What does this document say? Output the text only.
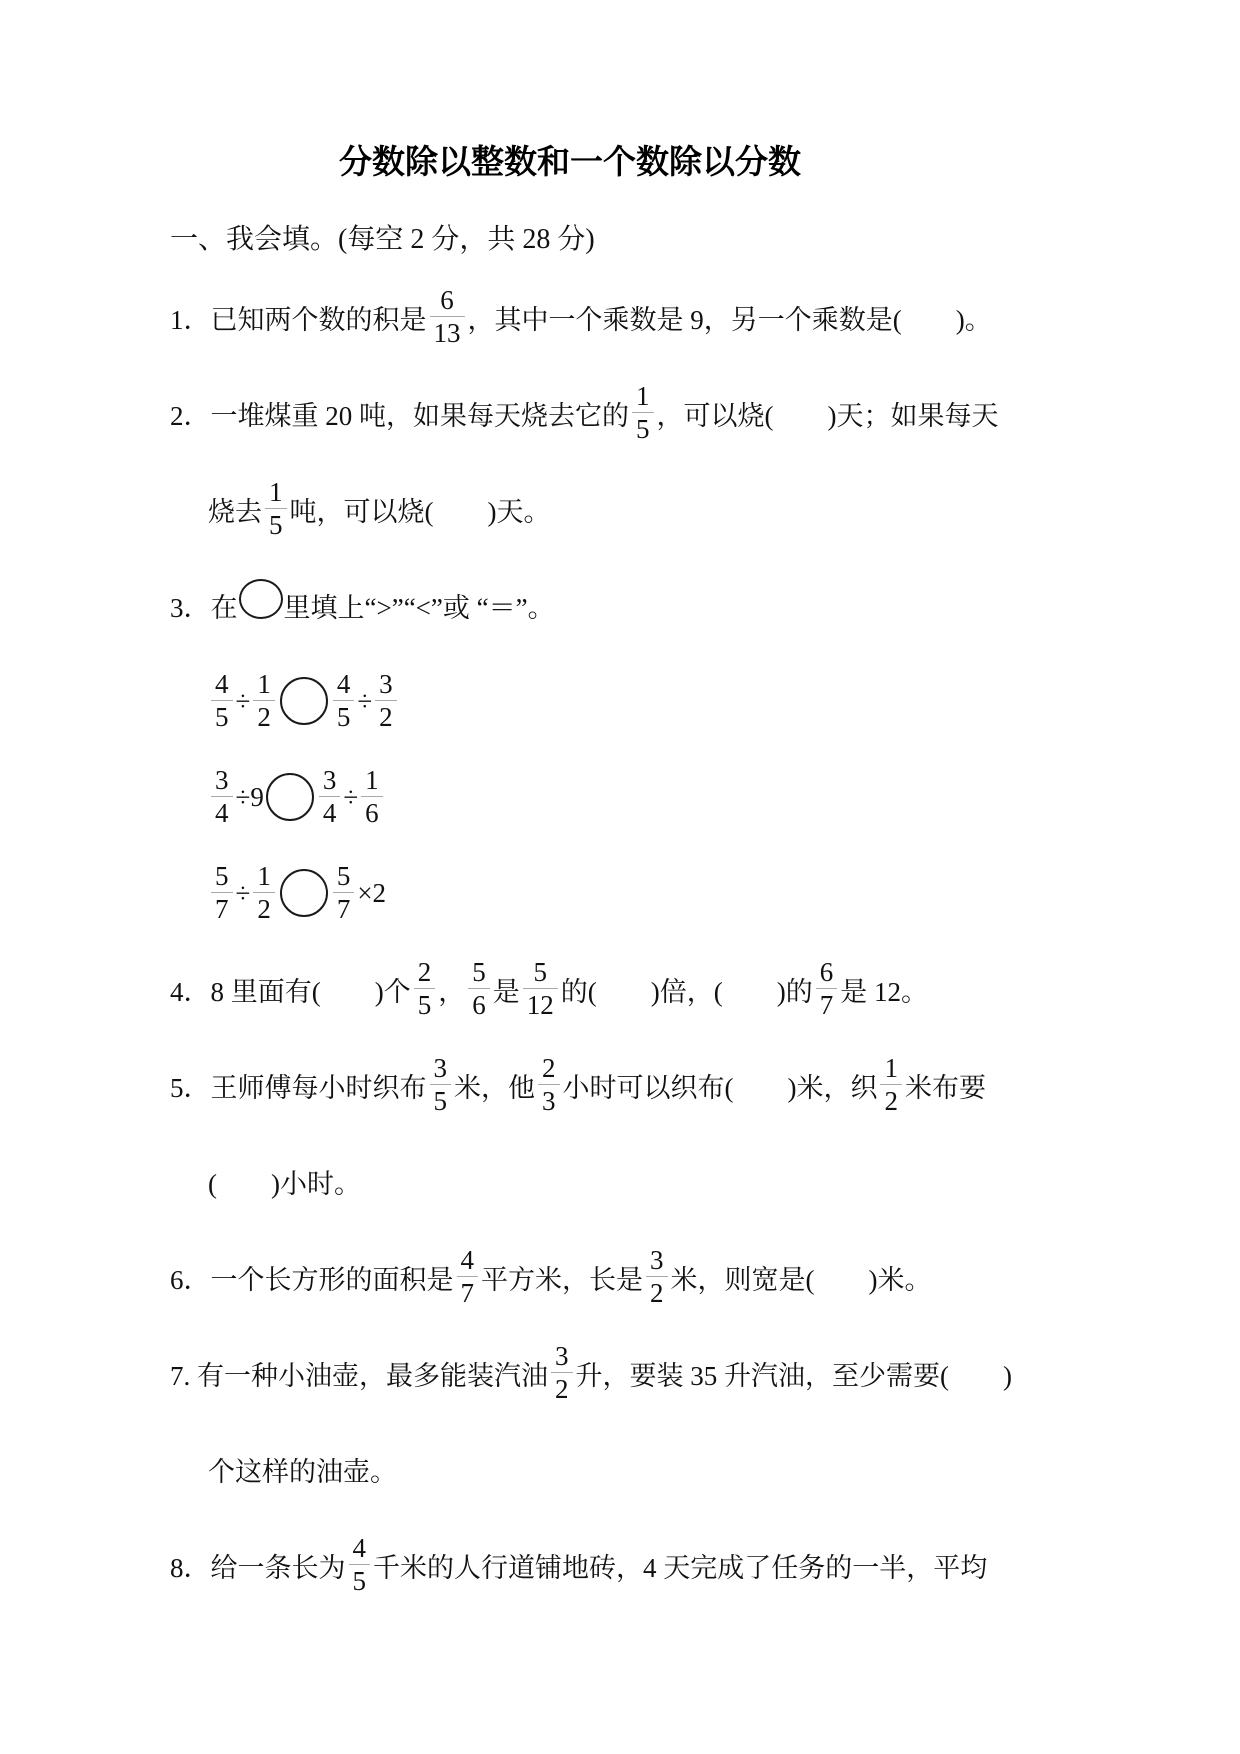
分数除以整数和一个数除以分数
一、我会填。(每空 2 分，共 28 分)
1．已知两个数的积是 $\frac{6}{13}$ ，其中一个乘数是 9，另一个乘数是(　　)。
2．一堆煤重 20 吨，如果每天烧去它的 $\frac{1}{5}$ ，可以烧(　　)天；如果每天
烧去 $\frac{1}{5}$ 吨，可以烧(　　)天。
3．在 里填上“>”“<”或 “＝”。
$\frac{4}{5} \div \frac{1}{2} \frac{4}{5} \div \frac{3}{2}$
$\frac{3}{4} \div 9 \frac{3}{4} \div \frac{1}{6}$
$\frac{5}{7} \div \frac{1}{2} \frac{5}{7} \times 2$
4．8 里面有(　　)个 $\frac{2}{5}$ ， $\frac{5}{6}$ 是 $\frac{5}{12}$ 的(　　)倍，(　　)的 $\frac{6}{7}$ 是 12。
5．王师傅每小时织布 $\frac{3}{5}$ 米，他 $\frac{2}{3}$ 小时可以织布(　　)米，织 $\frac{1}{2}$ 米布要
(　　)小时。
6．一个长方形的面积是 $\frac{4}{7}$ 平方米，长是 $\frac{3}{2}$ 米，则宽是(　　)米。
7. 有一种小油壶，最多能装汽油 $\frac{3}{2}$ 升，要装 35 升汽油，至少需要(　　)
个这样的油壶。
8．给一条长为 $\frac{4}{5}$ 千米的人行道铺地砖，4 天完成了任务的一半，平均
